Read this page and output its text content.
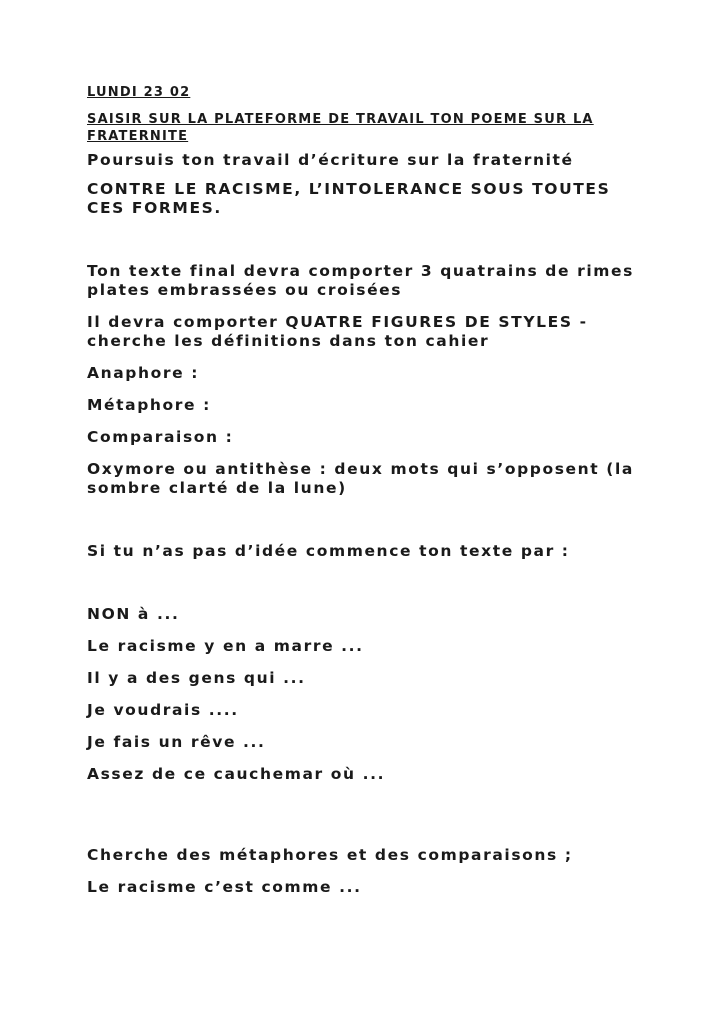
LUNDI 23 02

SAISIR SUR LA PLATEFORME DE TRAVAIL TON POEME SUR LA FRATERNITE

Poursuis ton travail d’écriture sur la fraternité

CONTRE LE RACISME, L’INTOLERANCE SOUS TOUTES CES FORMES.

Ton texte final devra comporter 3 quatrains de rimes plates embrassées ou croisées

Il devra comporter QUATRE FIGURES DE STYLES - cherche les définitions dans ton cahier

Anaphore :

Métaphore :

Comparaison :

Oxymore ou antithèse : deux mots qui s’opposent (la sombre clarté de la lune)

Si tu n’as pas d’idée commence ton texte par :

NON à ...

Le racisme y en a marre ...

Il y a des gens qui ...

Je voudrais ....

Je fais un rêve ...

Assez de ce cauchemar où ...

Cherche des métaphores et des comparaisons ;

Le racisme c’est comme ...
